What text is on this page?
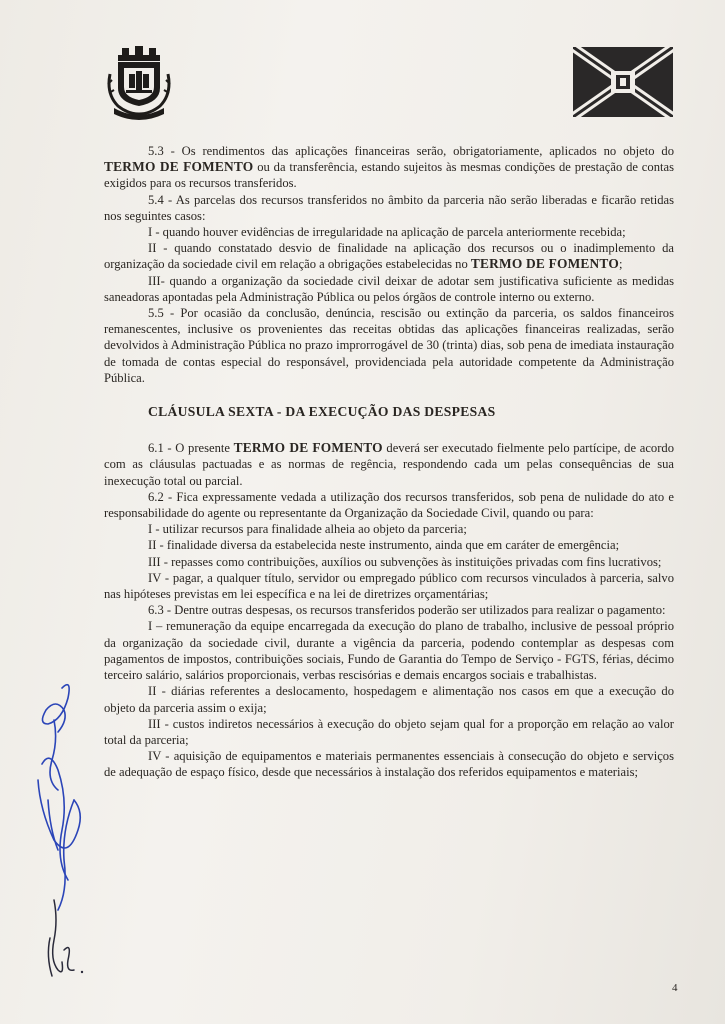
5.3 - Os rendimentos das aplicações financeiras serão, obrigatoriamente, aplicados no objeto do TERMO DE FOMENTO ou da transferência, estando sujeitos às mesmas condições de prestação de contas exigidos para os recursos transferidos.

5.4 - As parcelas dos recursos transferidos no âmbito da parceria não serão liberadas e ficarão retidas nos seguintes casos:

I - quando houver evidências de irregularidade na aplicação de parcela anteriormente recebida;

II - quando constatado desvio de finalidade na aplicação dos recursos ou o inadimplemento da organização da sociedade civil em relação a obrigações estabelecidas no TERMO DE FOMENTO;

III- quando a organização da sociedade civil deixar de adotar sem justificativa suficiente as medidas saneadoras apontadas pela Administração Pública ou pelos órgãos de controle interno ou externo.

5.5 - Por ocasião da conclusão, denúncia, rescisão ou extinção da parceria, os saldos financeiros remanescentes, inclusive os provenientes das receitas obtidas das aplicações financeiras realizadas, serão devolvidos à Administração Pública no prazo improrrogável de 30 (trinta) dias, sob pena de imediata instauração de tomada de contas especial do responsável, providenciada pela autoridade competente da Administração Pública.

CLÁUSULA SEXTA - DA EXECUÇÃO DAS DESPESAS

6.1 - O presente TERMO DE FOMENTO deverá ser executado fielmente pelo partícipe, de acordo com as cláusulas pactuadas e as normas de regência, respondendo cada um pelas consequências de sua inexecução total ou parcial.

6.2 - Fica expressamente vedada a utilização dos recursos transferidos, sob pena de nulidade do ato e responsabilidade do agente ou representante da Organização da Sociedade Civil, quando ou para:

I - utilizar recursos para finalidade alheia ao objeto da parceria;

II - finalidade diversa da estabelecida neste instrumento, ainda que em caráter de emergência;

III - repasses como contribuições, auxílios ou subvenções às instituições privadas com fins lucrativos;

IV - pagar, a qualquer título, servidor ou empregado público com recursos vinculados à parceria, salvo nas hipóteses previstas em lei específica e na lei de diretrizes orçamentárias;

6.3 - Dentre outras despesas, os recursos transferidos poderão ser utilizados para realizar o pagamento:

I – remuneração da equipe encarregada da execução do plano de trabalho, inclusive de pessoal próprio da organização da sociedade civil, durante a vigência da parceria, podendo contemplar as despesas com pagamentos de impostos, contribuições sociais, Fundo de Garantia do Tempo de Serviço - FGTS, férias, décimo terceiro salário, salários proporcionais, verbas rescisórias e demais encargos sociais e trabalhistas.

II - diárias referentes a deslocamento, hospedagem e alimentação nos casos em que a execução do objeto da parceria assim o exija;

III - custos indiretos necessários à execução do objeto sejam qual for a proporção em relação ao valor total da parceria;

IV - aquisição de equipamentos e materiais permanentes essenciais à consecução do objeto e serviços de adequação de espaço físico, desde que necessários à instalação dos referidos equipamentos e materiais;

4
